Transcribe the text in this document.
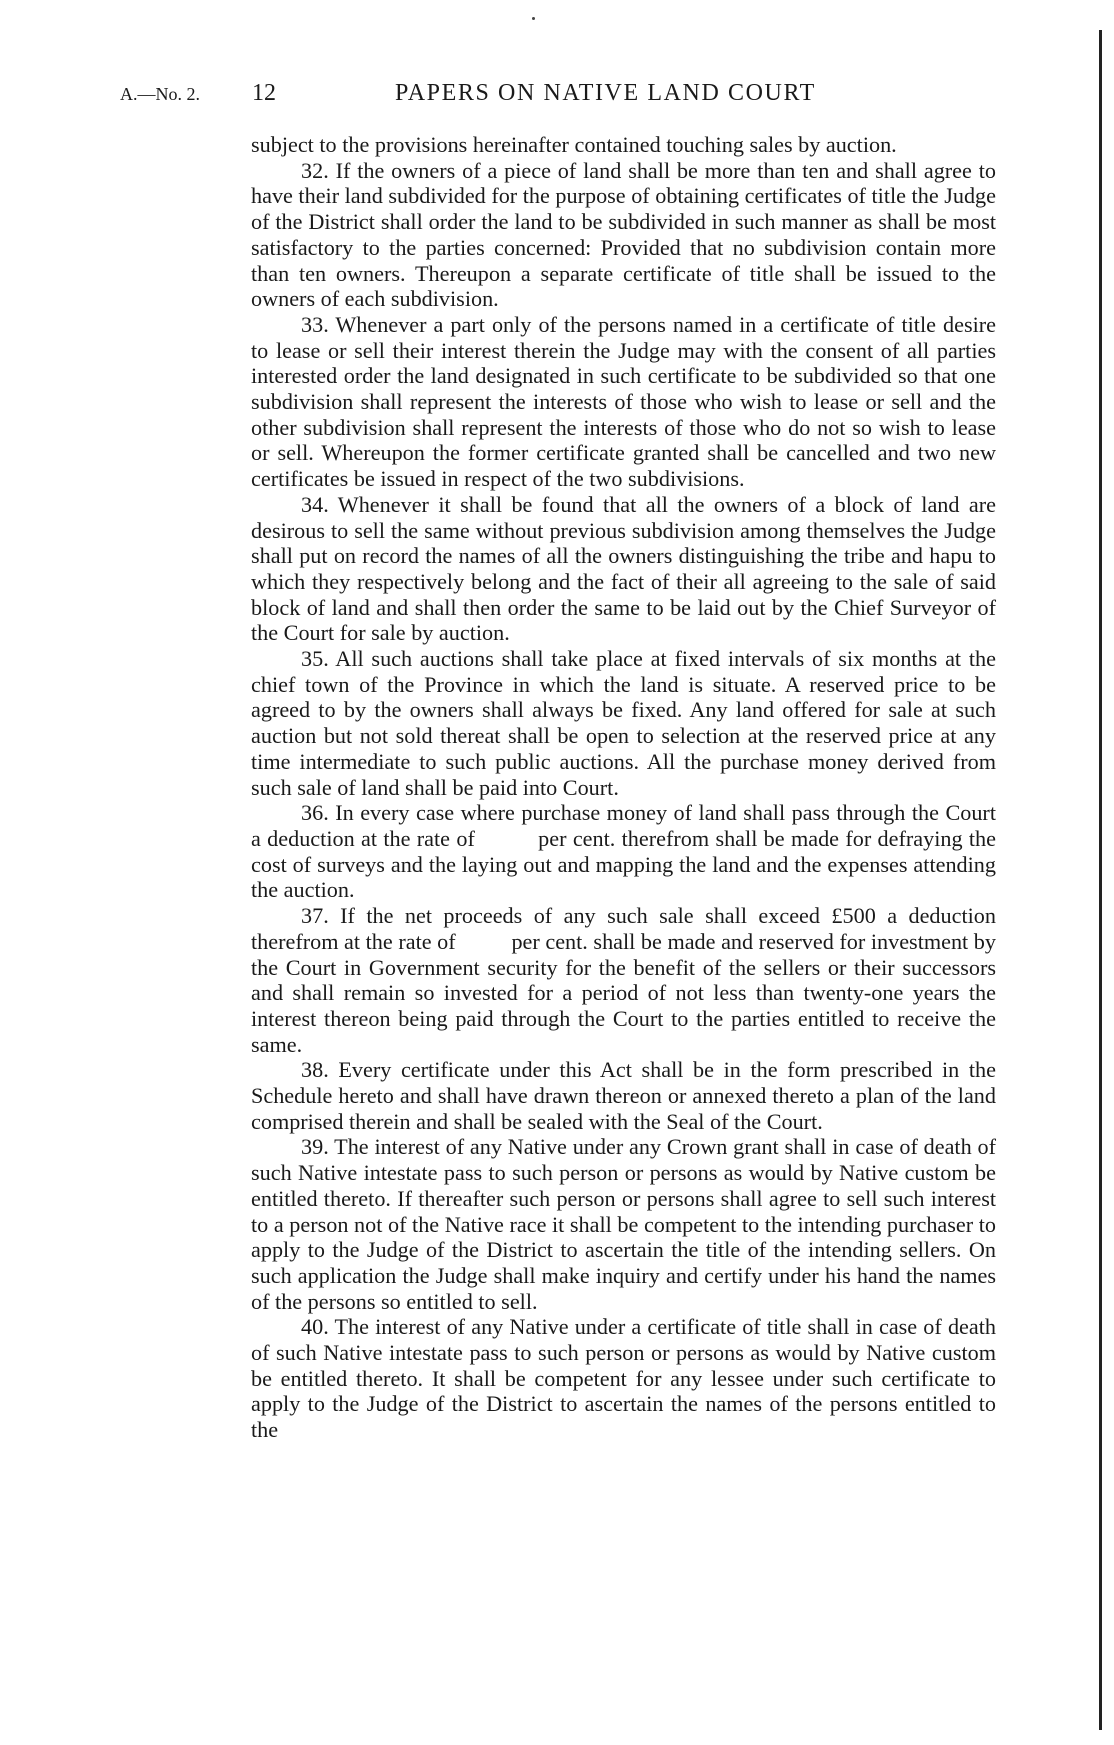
A.—No. 2. 12	PAPERS ON NATIVE LAND COURT

subject to the provisions hereinafter contained touching sales by auction.

32. If the owners of a piece of land shall be more than ten and shall agree to have their land subdivided for the purpose of obtaining certificates of title the Judge of the District shall order the land to be subdivided in such manner as shall be most satisfactory to the parties concerned: Provided that no subdivision contain more than ten owners. Thereupon a separate certificate of title shall be issued to the owners of each subdivision.

33. Whenever a part only of the persons named in a certificate of title desire to lease or sell their interest therein the Judge may with the consent of all parties interested order the land designated in such certificate to be subdivided so that one subdivision shall represent the interests of those who wish to lease or sell and the other subdivision shall represent the interests of those who do not so wish to lease or sell. Whereupon the former certificate granted shall be cancelled and two new certificates be issued in respect of the two subdivisions.

34. Whenever it shall be found that all the owners of a block of land are desirous to sell the same without previous subdivision among themselves the Judge shall put on record the names of all the owners distinguishing the tribe and hapu to which they respectively belong and the fact of their all agreeing to the sale of said block of land and shall then order the same to be laid out by the Chief Surveyor of the Court for sale by auction.

35. All such auctions shall take place at fixed intervals of six months at the chief town of the Province in which the land is situate. A reserved price to be agreed to by the owners shall always be fixed. Any land offered for sale at such auction but not sold thereat shall be open to selection at the reserved price at any time intermediate to such public auctions. All the purchase money derived from such sale of land shall be paid into Court.

36. In every case where purchase money of land shall pass through the Court a deduction at the rate of          per cent. therefrom shall be made for defraying the cost of surveys and the laying out and mapping the land and the expenses attending the auction.

37. If the net proceeds of any such sale shall exceed £500 a deduction therefrom at the rate of          per cent. shall be made and reserved for investment by the Court in Government security for the benefit of the sellers or their successors and shall remain so invested for a period of not less than twenty-one years the interest thereon being paid through the Court to the parties entitled to receive the same.

38. Every certificate under this Act shall be in the form prescribed in the Schedule hereto and shall have drawn thereon or annexed thereto a plan of the land comprised therein and shall be sealed with the Seal of the Court.

39. The interest of any Native under any Crown grant shall in case of death of such Native intestate pass to such person or persons as would by Native custom be entitled thereto. If thereafter such person or persons shall agree to sell such interest to a person not of the Native race it shall be competent to the intending purchaser to apply to the Judge of the District to ascertain the title of the intending sellers. On such application the Judge shall make inquiry and certify under his hand the names of the persons so entitled to sell.

40. The interest of any Native under a certificate of title shall in case of death of such Native intestate pass to such person or persons as would by Native custom be entitled thereto. It shall be competent for any lessee under such certificate to apply to the Judge of the District to ascertain the names of the persons entitled to the
